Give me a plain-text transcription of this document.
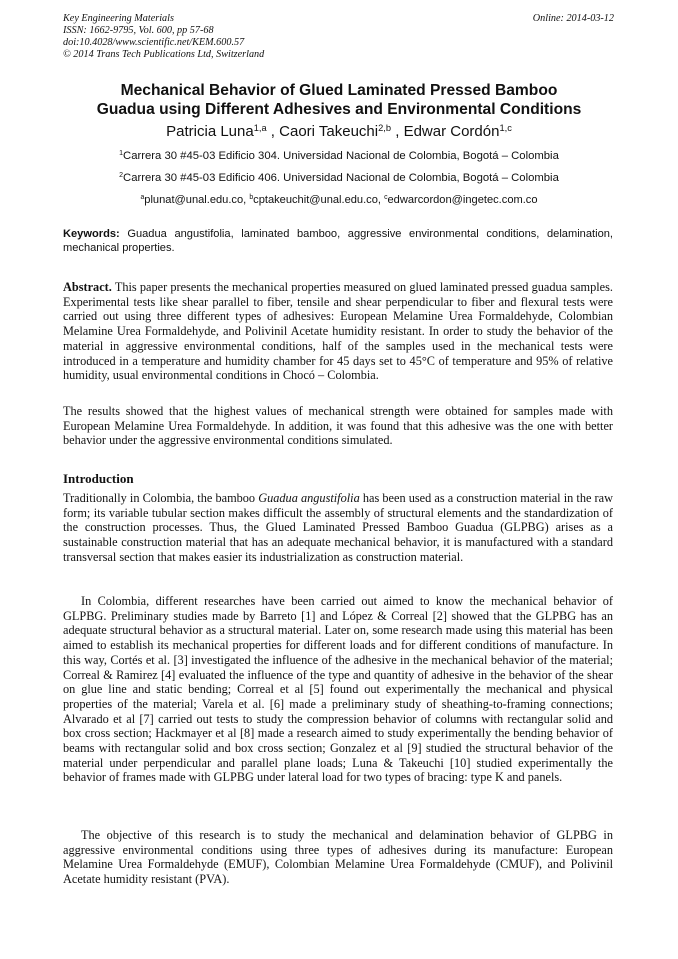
Key Engineering Materials
ISSN: 1662-9795, Vol. 600, pp 57-68
doi:10.4028/www.scientific.net/KEM.600.57
© 2014 Trans Tech Publications Ltd, Switzerland
Online: 2014-03-12
Mechanical Behavior of Glued Laminated Pressed Bamboo
Guadua using Different Adhesives and Environmental Conditions
Patricia Luna$^{1,a}$ , Caori Takeuchi$^{2,b}$ , Edwar Cordón$^{1,c}$
$^1$Carrera 30 #45-03 Edificio 304. Universidad Nacional de Colombia, Bogotá – Colombia
$^2$Carrera 30 #45-03 Edificio 406. Universidad Nacional de Colombia, Bogotá – Colombia
$^a$plunat@unal.edu.co, $^b$cptakeuchit@unal.edu.co, $^c$edwarcordon@ingetec.com.co
Keywords: Guadua angustifolia, laminated bamboo, aggressive environmental conditions, delamination, mechanical properties.

Abstract. This paper presents the mechanical properties measured on glued laminated pressed guadua samples. Experimental tests like shear parallel to fiber, tensile and shear perpendicular to fiber and flexural tests were carried out using three different types of adhesives: European Melamine Urea Formaldehyde, Colombian Melamine Urea Formaldehyde, and Polivinil Acetate humidity resistant. In order to study the behavior of the material in aggressive environmental conditions, half of the samples used in the mechanical tests were introduced in a temperature and humidity chamber for 45 days set to 45°C of temperature and 95% of relative humidity, usual environmental conditions in Chocó – Colombia.

The results showed that the highest values of mechanical strength were obtained for samples made with European Melamine Urea Formaldehyde. In addition, it was found that this adhesive was the one with better behavior under the aggressive environmental conditions simulated.

Introduction

Traditionally in Colombia, the bamboo Guadua angustifolia has been used as a construction material in the raw form; its variable tubular section makes difficult the assembly of structural elements and the standardization of the construction processes. Thus, the Glued Laminated Pressed Bamboo Guadua (GLPBG) arises as a sustainable construction material that has an adequate mechanical behavior, it is manufactured with a standard transversal section that makes easier its industrialization as construction material.

In Colombia, different researches have been carried out aimed to know the mechanical behavior of GLPBG. Preliminary studies made by Barreto [1] and López & Correal [2] showed that the GLPBG has an adequate structural behavior as a structural material. Later on, some research made using this material has been aimed to establish its mechanical properties for different loads and for different conditions of manufacture. In this way, Cortés et al. [3] investigated the influence of the adhesive in the mechanical behavior of the material; Correal & Ramirez [4] evaluated the influence of the type and quantity of adhesive in the behavior of the shear on glue line and static bending; Correal et al [5] found out experimentally the mechanical and physical properties of the material; Varela et al. [6] made a preliminary study of sheathing-to-framing connections; Alvarado et al [7] carried out tests to study the compression behavior of columns with rectangular solid and box cross section; Hackmayer et al [8] made a research aimed to study experimentally the bending behavior of beams with rectangular solid and box cross section; Gonzalez et al [9] studied the structural behavior of the material under perpendicular and parallel plane loads; Luna & Takeuchi [10] studied experimentally the behavior of frames made with GLPBG under lateral load for two types of bracing: type K and panels.

The objective of this research is to study the mechanical and delamination behavior of GLPBG in aggressive environmental conditions using three types of adhesives during its manufacture: European Melamine Urea Formaldehyde (EMUF), Colombian Melamine Urea Formaldehyde (CMUF), and Polivinil Acetate humidity resistant (PVA).
